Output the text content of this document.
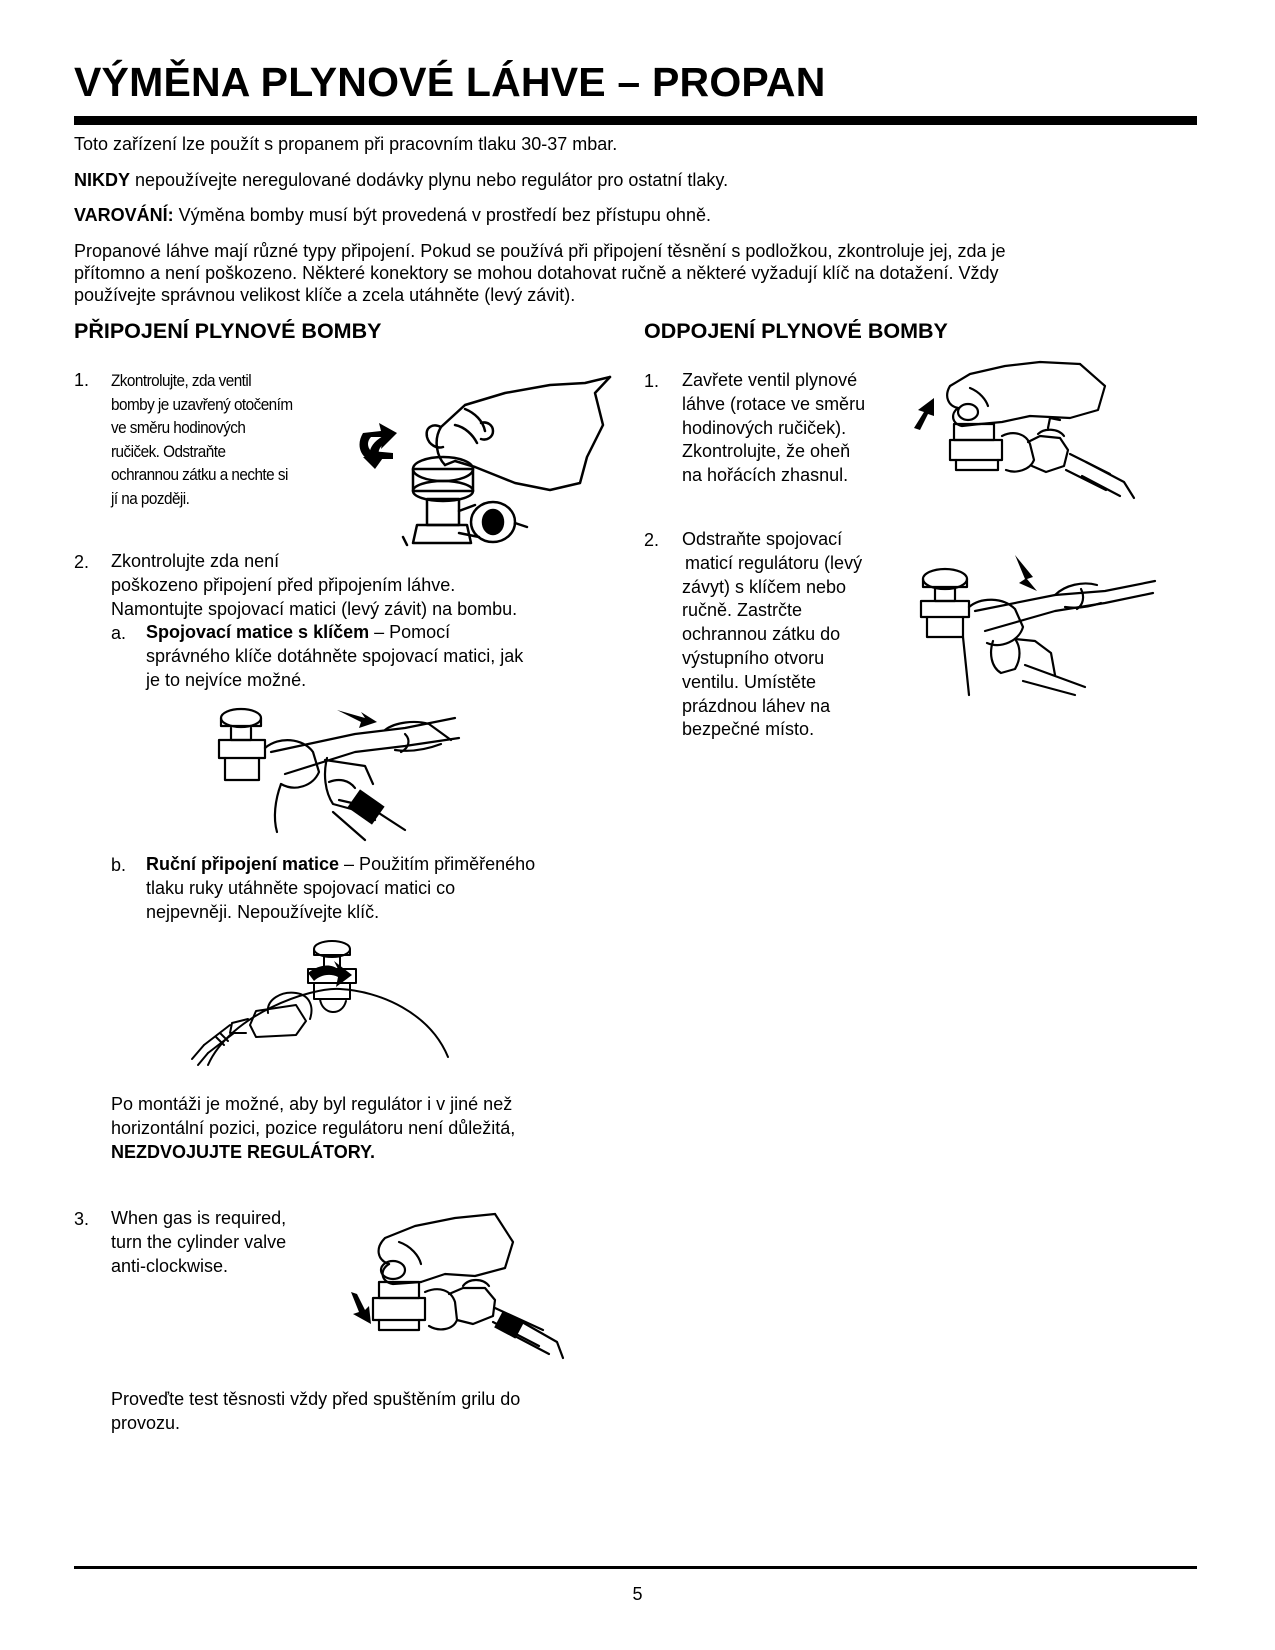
VÝMĚNA PLYNOVÉ LÁHVE – PROPAN

Toto zařízení lze použít s propanem při pracovním tlaku 30-37 mbar.

NIKDY nepoužívejte neregulované dodávky plynu nebo regulátor pro ostatní tlaky.

VAROVÁNÍ: Výměna bomby musí být provedená v prostředí bez přístupu ohně.

Propanové láhve mají různé typy připojení. Pokud se používá při připojení těsnění s podložkou, zkontroluje jej, zda je

přítomno a není poškozeno. Některé konektory se mohou dotahovat ručně a některé vyžadují klíč na dotažení. Vždy

používejte správnou velikost klíče a zcela utáhněte (levý závit).

PŘIPOJENÍ PLYNOVÉ BOMBY	ODPOJENÍ PLYNOVÉ BOMBY
1. Zkontrolujte, zda ventil
bomby je uzavřený otočením
ve směru hodinových
ručiček. Odstraňte
ochrannou zátku a nechte si
jí na později.
1. Zavřete ventil plynové
láhve (rotace ve směru
hodinových ručiček).
Zkontrolujte, že oheň
na hořácích zhasnul.
2. Odstraňte spojovací
maticí regulátoru (levý
závyt) s klíčem nebo
ručně. Zastrčte
ochrannou zátku do
výstupního otvoru
ventilu. Umístěte
prázdnou láhev na
bezpečné místo.
2. Zkontrolujte zda není
poškozeno připojení před připojením láhve.
Namontujte spojovací matici (levý závit) na bombu.
a. Spojovací matice s klíčem – Pomocí
správného klíče dotáhněte spojovací matici, jak
je to nejvíce možné.
b. Ruční připojení matice – Použitím přiměřeného
tlaku ruky utáhněte spojovací matici co
nejpevněji. Nepoužívejte klíč.
Po montáži je možné, aby byl regulátor i v jiné než
horizontální pozici, pozice regulátoru není důležitá,
NEZDVOJUJTE REGULÁTORY.
3. When gas is required,
turn the cylinder valve
anti-clockwise.
Proveďte test těsnosti vždy před spuštěním grilu do
provozu.
5
